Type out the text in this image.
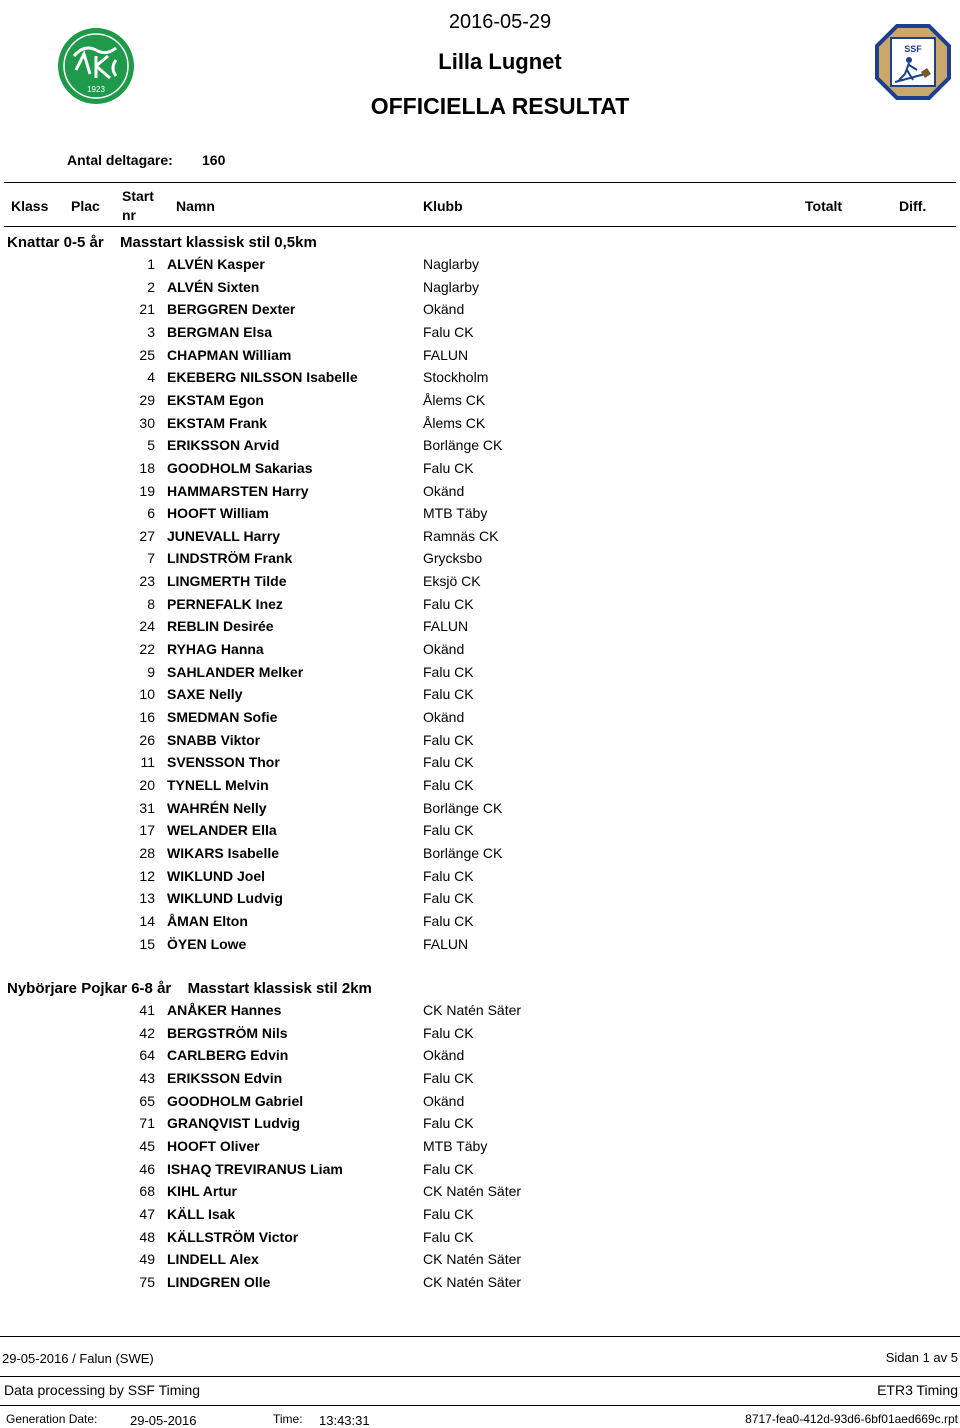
2016-05-29
Lilla Lugnet
OFFICIELLA RESULTAT
1923
SSF
Antal deltagare: 160
Klass Plac
Start
nr
Namn	Klubb	Totalt	Diff.
Knattar 0-5 år Masstart klassisk stil 0,5km
1 ALVÉN Kasper	Naglarby
2 ALVÉN Sixten	Naglarby
21 BERGGREN Dexter	Okänd
3 BERGMAN Elsa	Falu CK
25 CHAPMAN William	FALUN
4 EKEBERG NILSSON Isabelle	Stockholm
29 EKSTAM Egon	Ålems CK
30 EKSTAM Frank	Ålems CK
5 ERIKSSON Arvid	Borlänge CK
18 GOODHOLM Sakarias	Falu CK
19 HAMMARSTEN Harry	Okänd
6 HOOFT William	MTB Täby
27 JUNEVALL Harry	Ramnäs CK
7 LINDSTRÖM Frank	Grycksbo
23 LINGMERTH Tilde	Eksjö CK
8 PERNEFALK Inez	Falu CK
24 REBLIN Desirée	FALUN
22 RYHAG Hanna	Okänd
9 SAHLANDER Melker	Falu CK
10 SAXE Nelly	Falu CK
16 SMEDMAN Sofie	Okänd
26 SNABB Viktor	Falu CK
11 SVENSSON Thor	Falu CK
20 TYNELL Melvin	Falu CK
31 WAHRÉN Nelly	Borlänge CK
17 WELANDER Ella	Falu CK
28 WIKARS Isabelle	Borlänge CK
12 WIKLUND Joel	Falu CK
13 WIKLUND Ludvig	Falu CK
14 ÅMAN Elton	Falu CK
15 ÖYEN Lowe	FALUN
Nybörjare Pojkar 6-8 år Masstart klassisk stil 2km
41 ANÅKER Hannes	CK Natén Säter
42 BERGSTRÖM Nils	Falu CK
64 CARLBERG Edvin	Okänd
43 ERIKSSON Edvin	Falu CK
65 GOODHOLM Gabriel	Okänd
71 GRANQVIST Ludvig	Falu CK
45 HOOFT Oliver	MTB Täby
46 ISHAQ TREVIRANUS Liam	Falu CK
68 KIHL Artur	CK Natén Säter
47 KÄLL Isak	Falu CK
48 KÄLLSTRÖM Victor	Falu CK
49 LINDELL Alex	CK Natén Säter
75 LINDGREN Olle	CK Natén Säter
29-05-2016 / Falun (SWE)	Sidan 1 av 5
Data processing by SSF Timing	ETR3 Timing
Generation Date:	29-05-2016	Time: 13:43:31	8717-fea0-412d-93d6-6bf01aed669c.rpt
